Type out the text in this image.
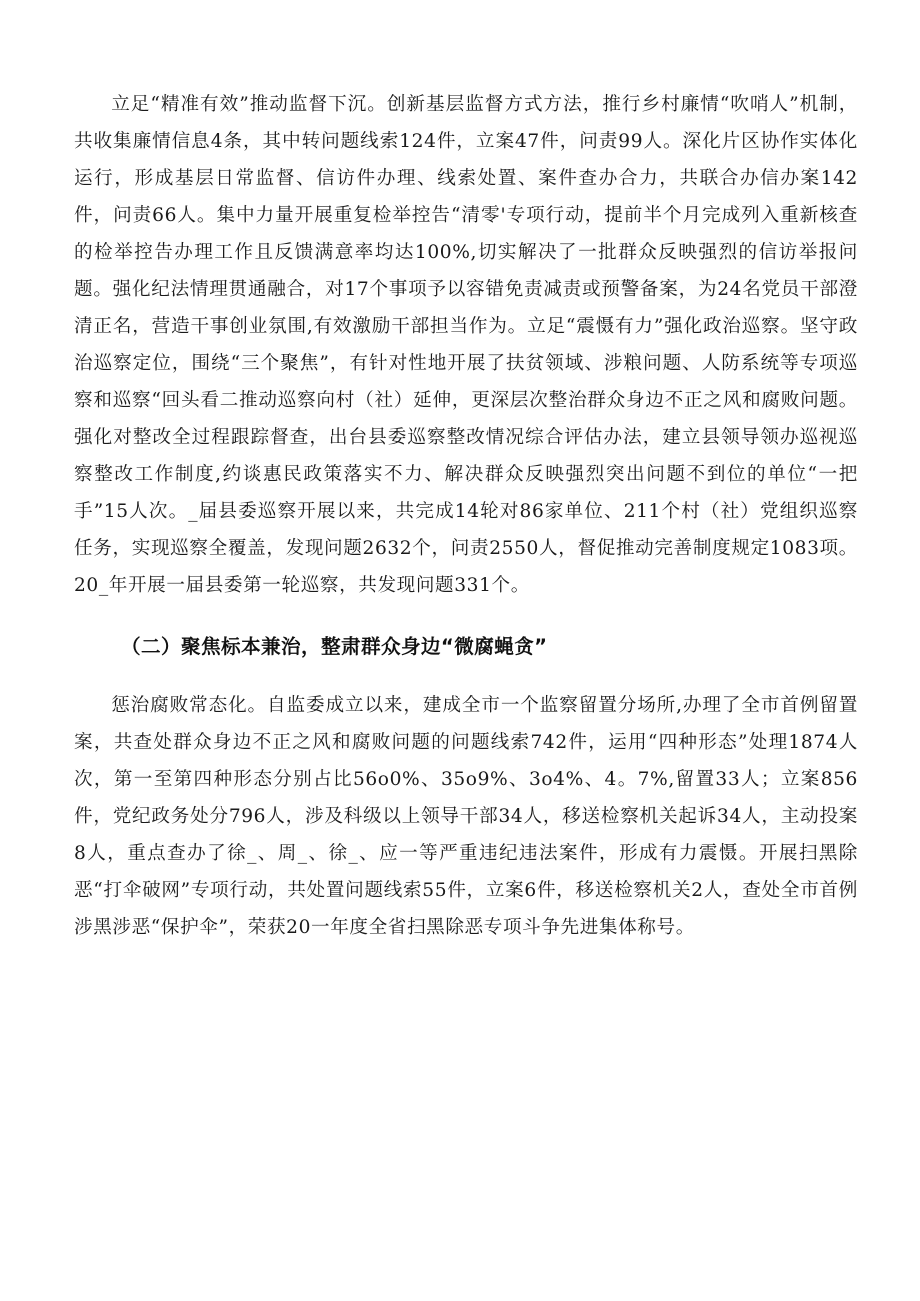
立足“精准有效”推动监督下沉。创新基层监督方式方法，推行乡村廉情“吹哨人”机制，共收集廉情信息4条，其中转问题线索124件，立案47件，问责99人。深化片区协作实体化运行，形成基层日常监督、信访件办理、线索处置、案件查办合力，共联合办信办案142件，问责66人。集中力量开展重复检举控告“清零'专项行动，提前半个月完成列入重新核查的检举控告办理工作且反馈满意率均达100%,切实解决了一批群众反映强烈的信访举报问题。强化纪法情理贯通融合，对17个事项予以容错免责减责或预警备案，为24名党员干部澄清正名，营造干事创业氛围,有效激励干部担当作为。立足“震慑有力”强化政治巡察。坚守政治巡察定位，围绕“三个聚焦”，有针对性地开展了扶贫领域、涉粮问题、人防系统等专项巡察和巡察“回头看二推动巡察向村（社）延伸，更深层次整治群众身边不正之风和腐败问题。强化对整改全过程跟踪督查，出台县委巡察整改情况综合评估办法，建立县领导领办巡视巡察整改工作制度,约谈惠民政策落实不力、解决群众反映强烈突出问题不到位的单位“一把手”15人次。_届县委巡察开展以来，共完成14轮对86家单位、211个村（社）党组织巡察任务，实现巡察全覆盖，发现问题2632个，问责2550人，督促推动完善制度规定1083项。20_年开展一届县委第一轮巡察，共发现问题331个。

（二）聚焦标本兼治，整肃群众身边“微腐蝇贪”

惩治腐败常态化。自监委成立以来，建成全市一个监察留置分场所,办理了全市首例留置案，共查处群众身边不正之风和腐败问题的问题线索742件，运用“四种形态”处理1874人次，第一至第四种形态分别占比56o0%、35o9%、3o4%、4。7%,留置33人；立案856件，党纪政务处分796人，涉及科级以上领导干部34人，移送检察机关起诉34人，主动投案8人，重点查办了徐_、周_、徐_、应一等严重违纪违法案件，形成有力震慑。开展扫黑除恶“打伞破网”专项行动，共处置问题线索55件，立案6件，移送检察机关2人，查处全市首例涉黑涉恶“保护伞”，荣获20一年度全省扫黑除恶专项斗争先进集体称号。
